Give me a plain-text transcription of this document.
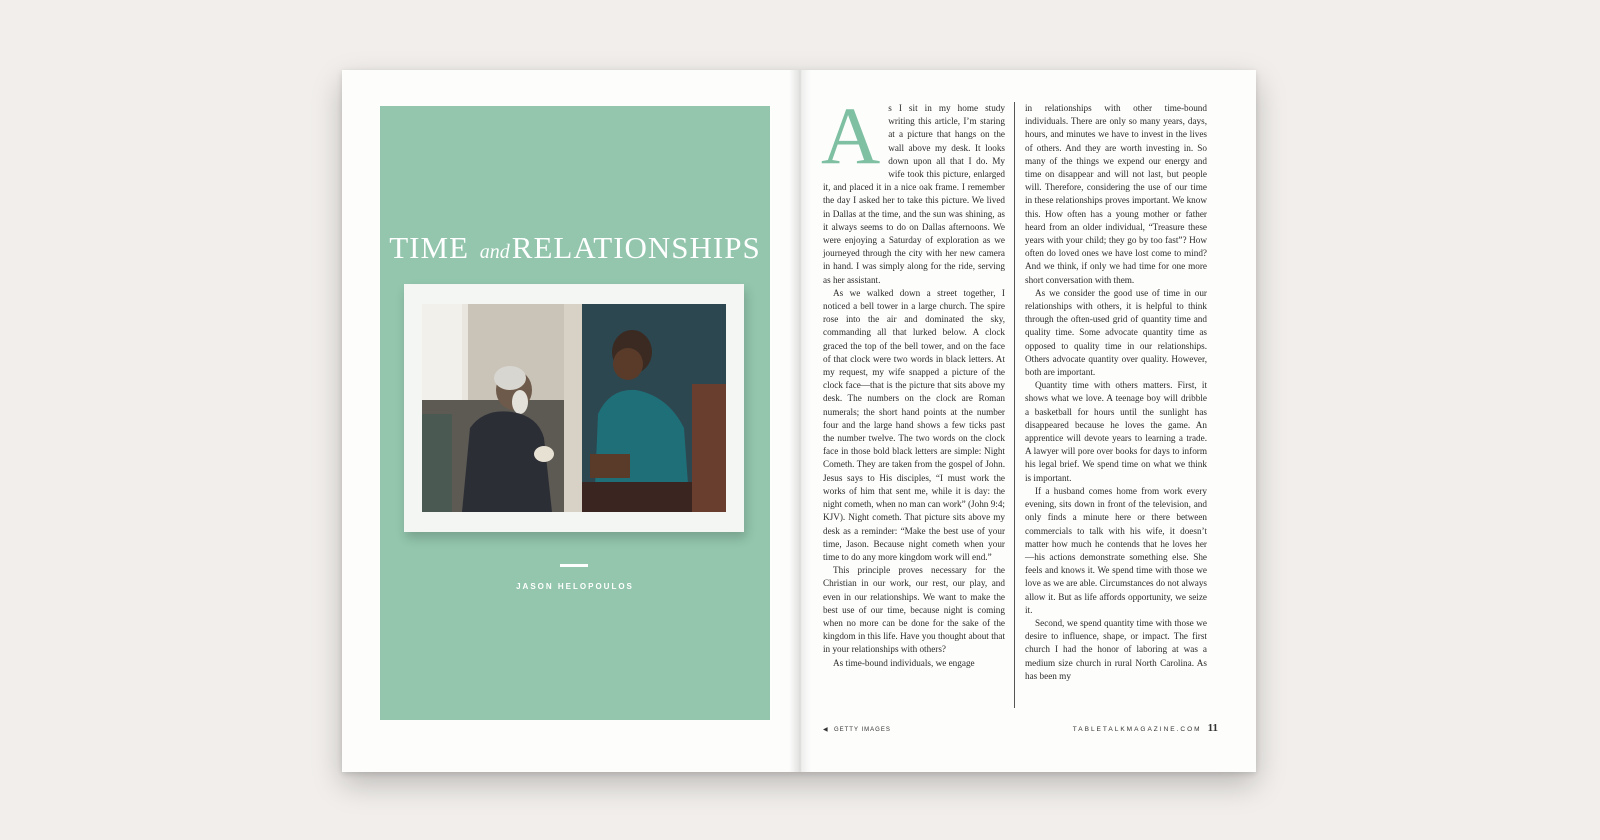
TIME andRELATIONSHIPS
JASON HELOPOULOS
A s I sit in my home study writing this article, I’m staring at a picture that hangs on the wall above my desk. It looks down upon all that I do. My wife took this picture, enlarged it, and placed it in a nice oak frame. I remember the day I asked her to take this picture. We lived in Dallas at the time, and the sun was shining, as it always seems to do on Dallas afternoons. We were enjoying a Saturday of exploration as we journeyed through the city with her new camera in hand. I was simply along for the ride, serving as her assistant.

As we walked down a street together, I noticed a bell tower in a large church. The spire rose into the air and dominated the sky, commanding all that lurked below. A clock graced the top of the bell tower, and on the face of that clock were two words in black letters. At my request, my wife snapped a picture of the clock face—that is the picture that sits above my desk. The numbers on the clock are Roman numerals; the short hand points at the number four and the large hand shows a few ticks past the number twelve. The two words on the clock face in those bold black letters are simple: Night Cometh. They are taken from the gospel of John. Jesus says to His disciples, “I must work the works of him that sent me, while it is day: the night cometh, when no man can work” (John 9:4; KJV). Night cometh. That picture sits above my desk as a reminder: “Make the best use of your time, Jason. Because night cometh when your time to do any more kingdom work will end.”

This principle proves necessary for the Christian in our work, our rest, our play, and even in our relationships. We want to make the best use of our time, because night is coming when no more can be done for the sake of the kingdom in this life. Have you thought about that in your relationships with others?

As time-bound individuals, we engage

in relationships with other time-bound individuals. There are only so many years, days, hours, and minutes we have to invest in the lives of others. And they are worth investing in. So many of the things we expend our energy and time on disappear and will not last, but people will. Therefore, considering the use of our time in these relationships proves important. We know this. How often has a young mother or father heard from an older individual, “Treasure these years with your child; they go by too fast”? How often do loved ones we have lost come to mind? And we think, if only we had time for one more short conversation with them.

As we consider the good use of time in our relationships with others, it is helpful to think through the often-used grid of quantity time and quality time. Some advocate quantity time as opposed to quality time in our relationships. Others advocate quantity over quality. However, both are important.

Quantity time with others matters. First, it shows what we love. A teenage boy will dribble a basketball for hours until the sunlight has disappeared because he loves the game. An apprentice will devote years to learning a trade. A lawyer will pore over books for days to inform his legal brief. We spend time on what we think is important.

If a husband comes home from work every evening, sits down in front of the television, and only finds a minute here or there between commercials to talk with his wife, it doesn’t matter how much he contends that he loves her—his actions demonstrate something else. She feels and knows it. We spend time with those we love as we are able. Circumstances do not always allow it. But as life affords opportunity, we seize it.

Second, we spend quantity time with those we desire to influence, shape, or impact. The first church I had the honor of laboring at was a medium size church in rural North Carolina. As has been my

◀  GETTY IMAGES	TABLETALKMAGAZINE.COM 11
